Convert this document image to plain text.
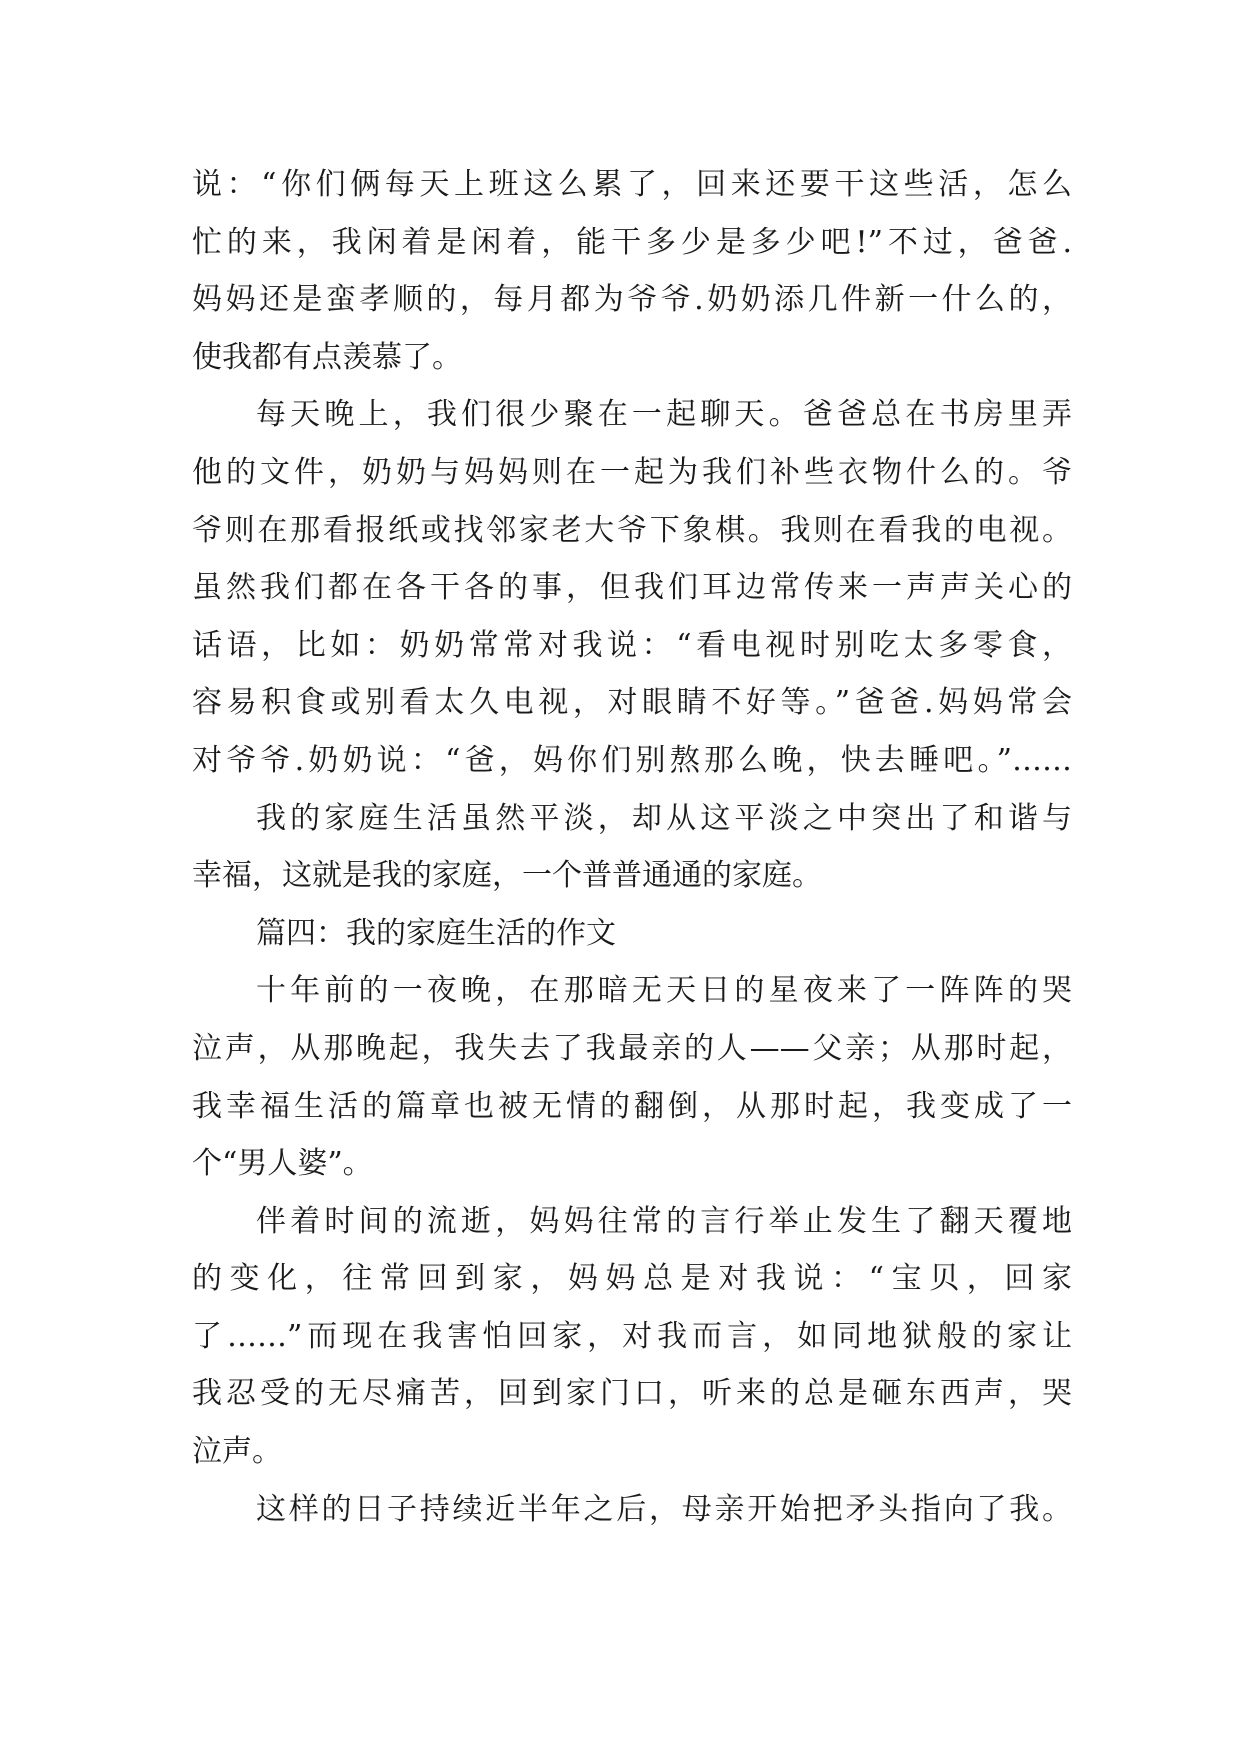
说：“你们俩每天上班这么累了，回来还要干这些活，怎么
忙的来，我闲着是闲着，能干多少是多少吧!”不过，爸爸.
妈妈还是蛮孝顺的，每月都为爷爷.奶奶添几件新一什么的，
使我都有点羡慕了。
每天晚上，我们很少聚在一起聊天。爸爸总在书房里弄
他的文件，奶奶与妈妈则在一起为我们补些衣物什么的。爷
爷则在那看报纸或找邻家老大爷下象棋。我则在看我的电视。
虽然我们都在各干各的事，但我们耳边常传来一声声关心的
话语，比如：奶奶常常对我说：“看电视时别吃太多零食，
容易积食或别看太久电视，对眼睛不好等。”爸爸.妈妈常会
对爷爷.奶奶说：“爸，妈你们别熬那么晚，快去睡吧。”……
我的家庭生活虽然平淡，却从这平淡之中突出了和谐与
幸福，这就是我的家庭，一个普普通通的家庭。
篇四：我的家庭生活的作文
十年前的一夜晚，在那暗无天日的星夜来了一阵阵的哭
泣声，从那晚起，我失去了我最亲的人——父亲；从那时起，
我幸福生活的篇章也被无情的翻倒，从那时起，我变成了一
个“男人婆”。
伴着时间的流逝，妈妈往常的言行举止发生了翻天覆地
的变化，往常回到家，妈妈总是对我说：“宝贝，回家
了……”而现在我害怕回家，对我而言，如同地狱般的家让
我忍受的无尽痛苦，回到家门口，听来的总是砸东西声，哭
泣声。
这样的日子持续近半年之后，母亲开始把矛头指向了我。
